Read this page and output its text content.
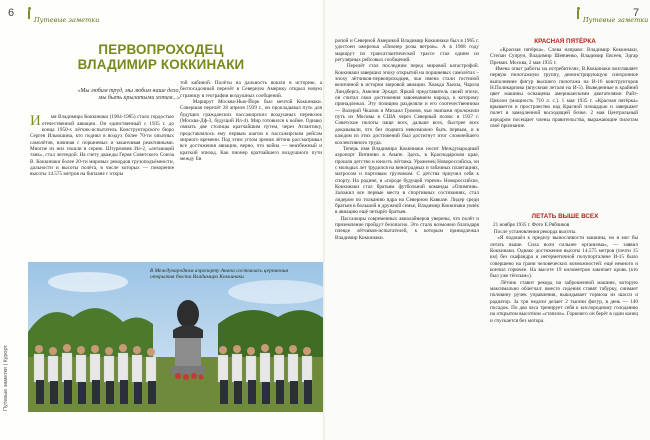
6
Путевые заметки
ПЕРВОПРОХОДЕЦ
ВЛАДИМИР КОККИНАКИ
«Мы любим труд, мы любим наше дело,
мы быть крылатыми хотим...»

И мя Владимира Коккинаки (1904-1985) стало гордостью отечественной авиации. Он единственный с 1935 г. до конца 1950-х лётчик-испытатель Конструкторского бюро Сергея Ильюшина, кто поднял в воздух более 70-ти опытных самолётов, начиная с поршневых и заканчивая реактивными. Многие из них пошли в серию. Штурмовик Ил-2, «летающий танк», стал легендой. На счету дважды Героя Советского Союза В. Коккинаки более 20-ти мировых рекордов грузоподъёмности, дальности и высоты полёта, в числе которых — покорение высоты 14.575 метров на биплане с откры

той кабиной. Полёты на дальность вошли в историю, а беспосадочный перелёт в Северную Америку открыл новую страницу в географии воздушных сообщений.
Маршрут Москва-Нью-Йорк был мечтой Коккинаки. Совершая перелёт 28 апреля 1939 г., он прокладывал путь для будущих гражданских пассажирских воздушных перевозок (Москва-Дф-3, будущий Ил-4). Мир готовился к войне. Однако связать две столицы кратчайшим путем, через Атлантику, представлялось ему первым шагом к пассажирским рейсам мирного времени. Под этим углом зрения лётчик рассматривал все достижения авиации, верно, что война — неизбежный и краткий эпизод. Как пионер кратчайшего воздушного пути между Ев
В Международном аэропорту Анапа состоялась церемония открытия бюста Владимира Коккинаки
Путевые заметки | Курорт
Путевые заметки
7
ропой и Северной Америкой Владимир Коккинаки был в 1965 г. удостоен ожерелья «Пионер розы ветров». А в 1968 году маршрут по трансатлантической трассе стал одним из регулярных рейсовых сообщений.
Перелёт стал последним перед мировой катастрофой. Коккинаки завершил эпоху открытий на поршневых самолётах – эпоху лётчиков-первопроходцев, чьи имена стали гостиной величиной в истории мировой авиации. Хоакда Хьюза, Чарлза Линдберга, Амелии Эрхарт. Яркий представитель своей эпохи, он считал свои достижения завоеванием народа, к которому принадлежал. Эту позицию разделяли и его соотечественники — Валерий Чкалов и Михаил Громов, чьи экипажи проложили путь из Москвы в США через Северный полюс в 1937 г. Советские пилоты чаще всех, дальше всех, быстрее всех доказывали, что без подвига невозможно быть первым, и в каждом из этих достижений был достигнут итог сложнейшего коллективного труда.
Теперь имя Владимира Коккинаки носит Международный аэропорт Витязево в Анапе. Здесь, в Краснодарском крае, прошли детство и юность лётчика. Уроженец Новороссийска, он с молодых лет трудился на виноградных и табачных плантациях, матросом и портовым грузчиком. С детства приучил себя к спорту. На родине, в «городе будущей горечи» Новороссийске, Коккинаки стал братьям футбольной команды «Олимпия». Заложил все первые места в спортивных состязаниях, стал лидером по толканию ядра на Северном Кавказе. Лидер среди братьев в большой и дружной семье, Владимир Коккинаки увлёк в авиацию ещё четырёх братьев.
Пассажиры современных авиалайнеров уверены, что полёт и приземление пройдут безопасно. Это стало возможно благодаря плеяде лётчиков-испытателей, к которым принадлежал Владимир Коккинаки.
КРАСНАЯ ПЯТЁРКА
«Красная пятёрка». Слева направо: Владимир Коккинаки, Степан Супрун, Владимир Шевченко, Владимир Евсеев, Эдгар Преман. Москва, 2 мая 1935 г.
Имена опыт работы на истребителях, В.Коккинаки возглавляет первую пилотажную группу, демонстрирующую синхронное выполнение фигур высшего пилотажа на И-16 конструкторов Н.Поликарпова (впускная летали на И-5). Выведенные в крайний цвет машины оснащены американскими двигателями Райт-Циклон (мощность 710 л. с.). 1 мая 1935 г. «Красная пятёрка» врывается в пространство над Красной площадью и завершает полет в замедленной восходящей бочке. 2 мая Центральный аэродром посещает члены правительства, выражающие пилотам своё признание.
ЛЕТАТЬ ВЫШЕ ВСЕХ
21 ноября 1935 г. Фото Е.Рябчиков
После установления рекорда высоты.
«Я подошёл к пределу выносливости машины, но я мог бы летать выше. Сила воли сильнее организма», — заявил Коккинаки. Однако достижение высоты 14.575 метров (почти 15 км) без скафандра и негерметичной полупорталине И-15 было совершено на грани человеческих возможностей: ещё немного и кончил горючее. На высоте 19 километров закипает кровь (кто был уже тёплым»).
Лётчик ставит рекорд на заброшенной машине, которую максимально облегчал: вместо сидения ставят табурку, снимает половину ручек управления, выкидывает тормоза из шасси и радиатор. За три недели делает 2 тысячи фигур, в день — 140 посадок. По два часа тренирует себя к кислородному голоданию на открытом высотном «стапеле». Горючего он берёт в один конец и спускается без мотора.
